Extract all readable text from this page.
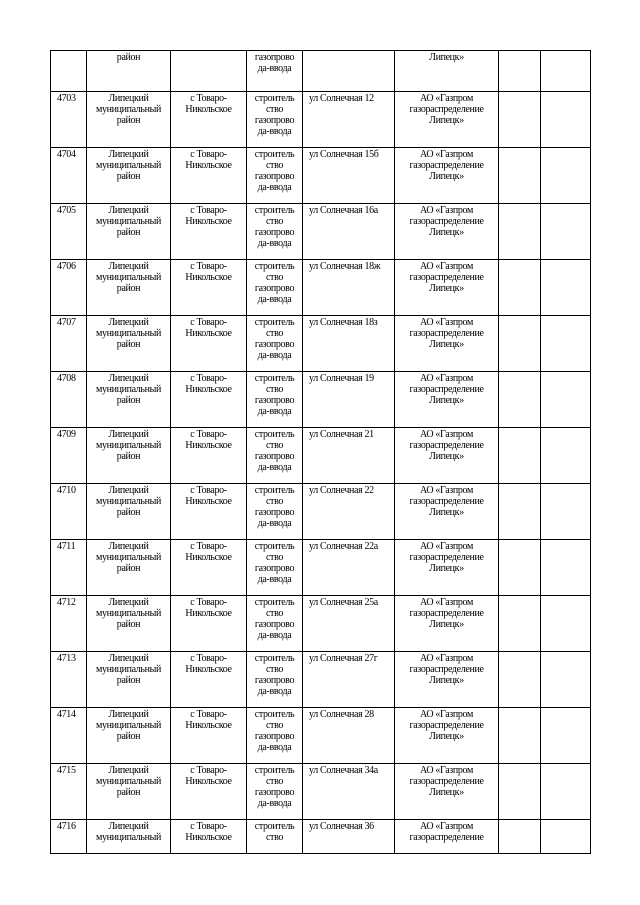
	район		газопрово
да-ввода		Липецк»		

4703	Липецкий
муниципальный
район	с Товаро-
Никольское	строитель
ство
газопрово
да-ввода	ул Солнечная 12	АО «Газпром
газораспределение
Липецк»		

4704	Липецкий
муниципальный
район	с Товаро-
Никольское	строитель
ство
газопрово
да-ввода	ул Солнечная 15б	АО «Газпром
газораспределение
Липецк»		

4705	Липецкий
муниципальный
район	с Товаро-
Никольское	строитель
ство
газопрово
да-ввода	ул Солнечная 16а	АО «Газпром
газораспределение
Липецк»		

4706	Липецкий
муниципальный
район	с Товаро-
Никольское	строитель
ство
газопрово
да-ввода	ул Солнечная 18ж	АО «Газпром
газораспределение
Липецк»		

4707	Липецкий
муниципальный
район	с Товаро-
Никольское	строитель
ство
газопрово
да-ввода	ул Солнечная 18з	АО «Газпром
газораспределение
Липецк»		

4708	Липецкий
муниципальный
район	с Товаро-
Никольское	строитель
ство
газопрово
да-ввода	ул Солнечная 19	АО «Газпром
газораспределение
Липецк»		

4709	Липецкий
муниципальный
район	с Товаро-
Никольское	строитель
ство
газопрово
да-ввода	ул Солнечная 21	АО «Газпром
газораспределение
Липецк»		

4710	Липецкий
муниципальный
район	с Товаро-
Никольское	строитель
ство
газопрово
да-ввода	ул Солнечная 22	АО «Газпром
газораспределение
Липецк»		

4711	Липецкий
муниципальный
район	с Товаро-
Никольское	строитель
ство
газопрово
да-ввода	ул Солнечная 22а	АО «Газпром
газораспределение
Липецк»		

4712	Липецкий
муниципальный
район	с Товаро-
Никольское	строитель
ство
газопрово
да-ввода	ул Солнечная 25а	АО «Газпром
газораспределение
Липецк»		

4713	Липецкий
муниципальный
район	с Товаро-
Никольское	строитель
ство
газопрово
да-ввода	ул Солнечная 27г	АО «Газпром
газораспределение
Липецк»		

4714	Липецкий
муниципальный
район	с Товаро-
Никольское	строитель
ство
газопрово
да-ввода	ул Солнечная 28	АО «Газпром
газораспределение
Липецк»		

4715	Липецкий
муниципальный
район	с Товаро-
Никольское	строитель
ство
газопрово
да-ввода	ул Солнечная 34а	АО «Газпром
газораспределение
Липецк»		

4716	Липецкий
муниципальный	с Товаро-
Никольское	строитель
ство	ул Солнечная 36	АО «Газпром
газораспределение		
